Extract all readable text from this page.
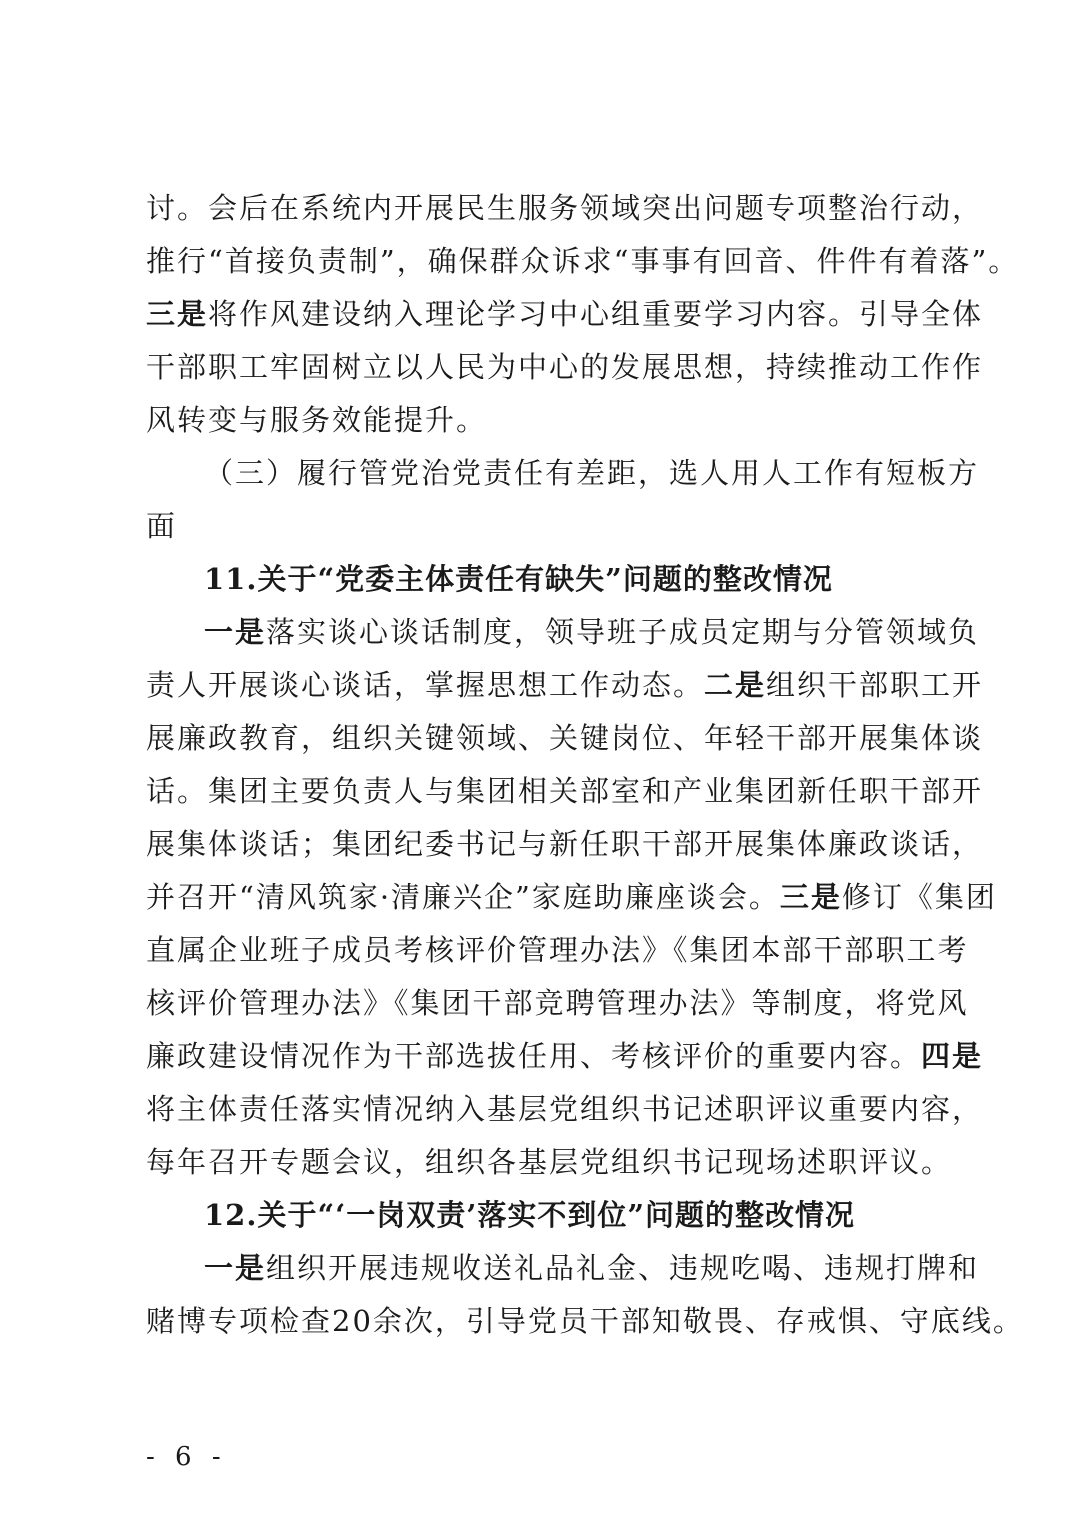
讨。会后在系统内开展民生服务领域突出问题专项整治行动，
推行“首接负责制”，确保群众诉求“事事有回音、件件有着落”。
三是将作风建设纳入理论学习中心组重要学习内容。引导全体
干部职工牢固树立以人民为中心的发展思想，持续推动工作作
风转变与服务效能提升。
（三）履行管党治党责任有差距，选人用人工作有短板方
面
11.关于“党委主体责任有缺失”问题的整改情况
一是落实谈心谈话制度，领导班子成员定期与分管领域负
责人开展谈心谈话，掌握思想工作动态。二是组织干部职工开
展廉政教育，组织关键领域、关键岗位、年轻干部开展集体谈
话。集团主要负责人与集团相关部室和产业集团新任职干部开
展集体谈话；集团纪委书记与新任职干部开展集体廉政谈话，
并召开“清风筑家·清廉兴企”家庭助廉座谈会。三是修订《集团
直属企业班子成员考核评价管理办法》《集团本部干部职工考
核评价管理办法》《集团干部竞聘管理办法》等制度，将党风
廉政建设情况作为干部选拔任用、考核评价的重要内容。四是
将主体责任落实情况纳入基层党组织书记述职评议重要内容，
每年召开专题会议，组织各基层党组织书记现场述职评议。
12.关于“‘一岗双责’落实不到位”问题的整改情况
一是组织开展违规收送礼品礼金、违规吃喝、违规打牌和
赌博专项检查20余次，引导党员干部知敬畏、存戒惧、守底线。
- 6 -
